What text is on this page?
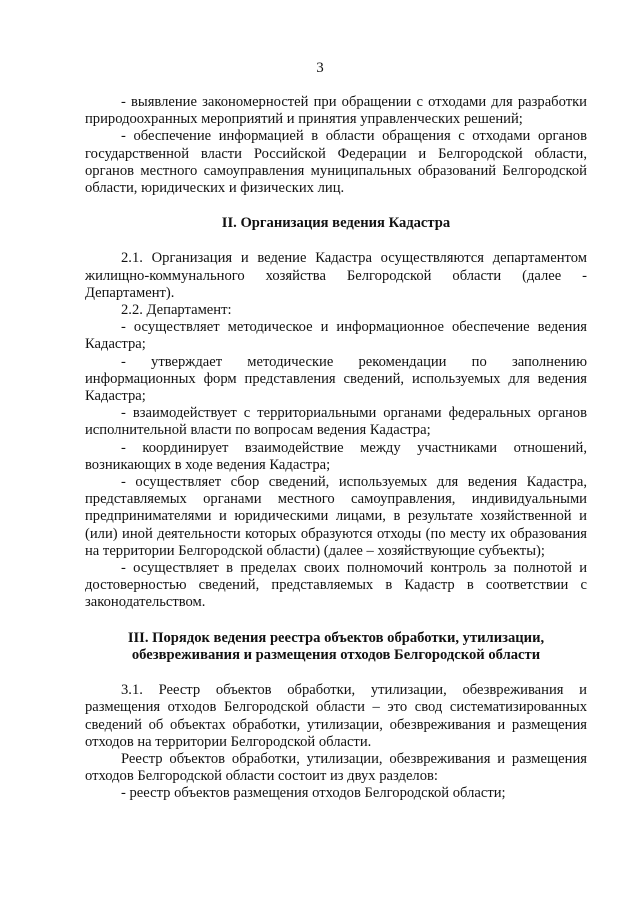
3

- выявление закономерностей при обращении с отходами для разработки природоохранных мероприятий и принятия управленческих решений;

- обеспечение информацией в области обращения с отходами органов государственной власти Российской Федерации и Белгородской области, органов местного самоуправления муниципальных образований Белгородской области, юридических и физических лиц.

II. Организация ведения Кадастра

2.1. Организация и ведение Кадастра осуществляются департаментом жилищно-коммунального хозяйства Белгородской области (далее - Департамент).

2.2. Департамент:

- осуществляет методическое и информационное обеспечение ведения Кадастра;

- утверждает методические рекомендации по заполнению информационных форм представления сведений, используемых для ведения Кадастра;

- взаимодействует с территориальными органами федеральных органов исполнительной власти по вопросам ведения Кадастра;

- координирует взаимодействие между участниками отношений, возникающих в ходе ведения Кадастра;

- осуществляет сбор сведений, используемых для ведения Кадастра, представляемых органами местного самоуправления, индивидуальными предпринимателями и юридическими лицами, в результате хозяйственной и (или) иной деятельности которых образуются отходы (по месту их образования на территории Белгородской области) (далее – хозяйствующие субъекты);

- осуществляет в пределах своих полномочий контроль за полнотой и достоверностью сведений, представляемых в Кадастр в соответствии с законодательством.

III. Порядок ведения реестра объектов обработки, утилизации,
обезвреживания и размещения отходов Белгородской области

3.1. Реестр объектов обработки, утилизации, обезвреживания и размещения отходов Белгородской области – это свод систематизированных сведений об объектах обработки, утилизации, обезвреживания и размещения отходов на территории Белгородской области.

Реестр объектов обработки, утилизации, обезвреживания и размещения отходов Белгородской области состоит из двух разделов:

- реестр объектов размещения отходов Белгородской области;
